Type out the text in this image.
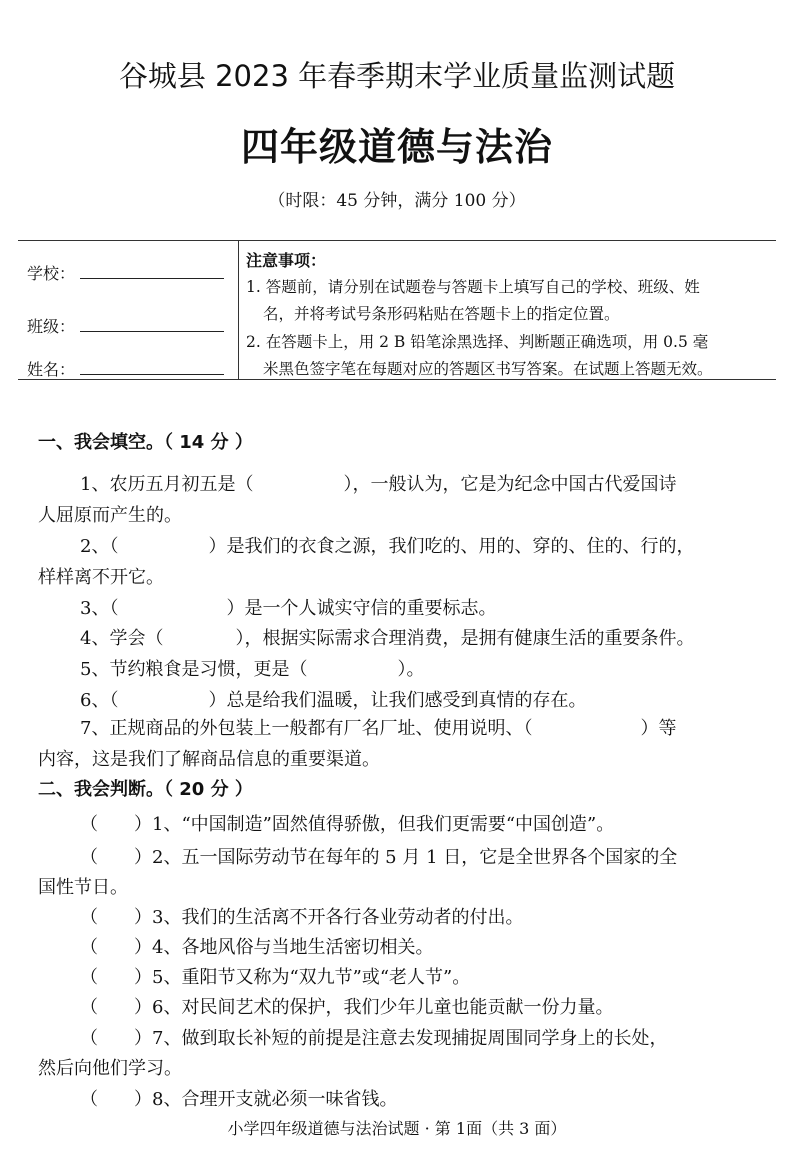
谷城县 2023 年春季期末学业质量监测试题
四年级道德与法治
（时限：45 分钟，满分 100 分）
学校：
班级：
姓名：
注意事项：
1. 答题前，请分别在试题卷与答题卡上填写自己的学校、班级、姓
名，并将考试号条形码粘贴在答题卡上的指定位置。
2. 在答题卡上，用 2 B 铅笔涂黑选择、判断题正确选项，用 0.5 毫
米黑色签字笔在每题对应的答题区书写答案。在试题上答题无效。
一、我会填空。（ 14 分 ）
1、农历五月初五是（　　　　　），一般认为，它是为纪念中国古代爱国诗
人屈原而产生的。
2、（　　　　　）是我们的衣食之源，我们吃的、用的、穿的、住的、行的，
样样离不开它。
3、（　　　　　　）是一个人诚实守信的重要标志。
4、学会（　　　　），根据实际需求合理消费，是拥有健康生活的重要条件。
5、节约粮食是习惯，更是（　　　　　）。
6、（　　　　　）总是给我们温暖，让我们感受到真情的存在。
7、正规商品的外包装上一般都有厂名厂址、使用说明、（　　　　　　）等
内容，这是我们了解商品信息的重要渠道。
二、我会判断。（ 20 分 ）
（　　）1、“中国制造”固然值得骄傲，但我们更需要“中国创造”。
（　　）2、五一国际劳动节在每年的 5 月 1 日，它是全世界各个国家的全
国性节日。
（　　）3、我们的生活离不开各行各业劳动者的付出。
（　　）4、各地风俗与当地生活密切相关。
（　　）5、重阳节又称为“双九节”或“老人节”。
（　　）6、对民间艺术的保护，我们少年儿童也能贡献一份力量。
（　　）7、做到取长补短的前提是注意去发现捕捉周围同学身上的长处，
然后向他们学习。
（　　）8、合理开支就必须一味省钱。
小学四年级道德与法治试题 · 第 1面（共 3 面）
